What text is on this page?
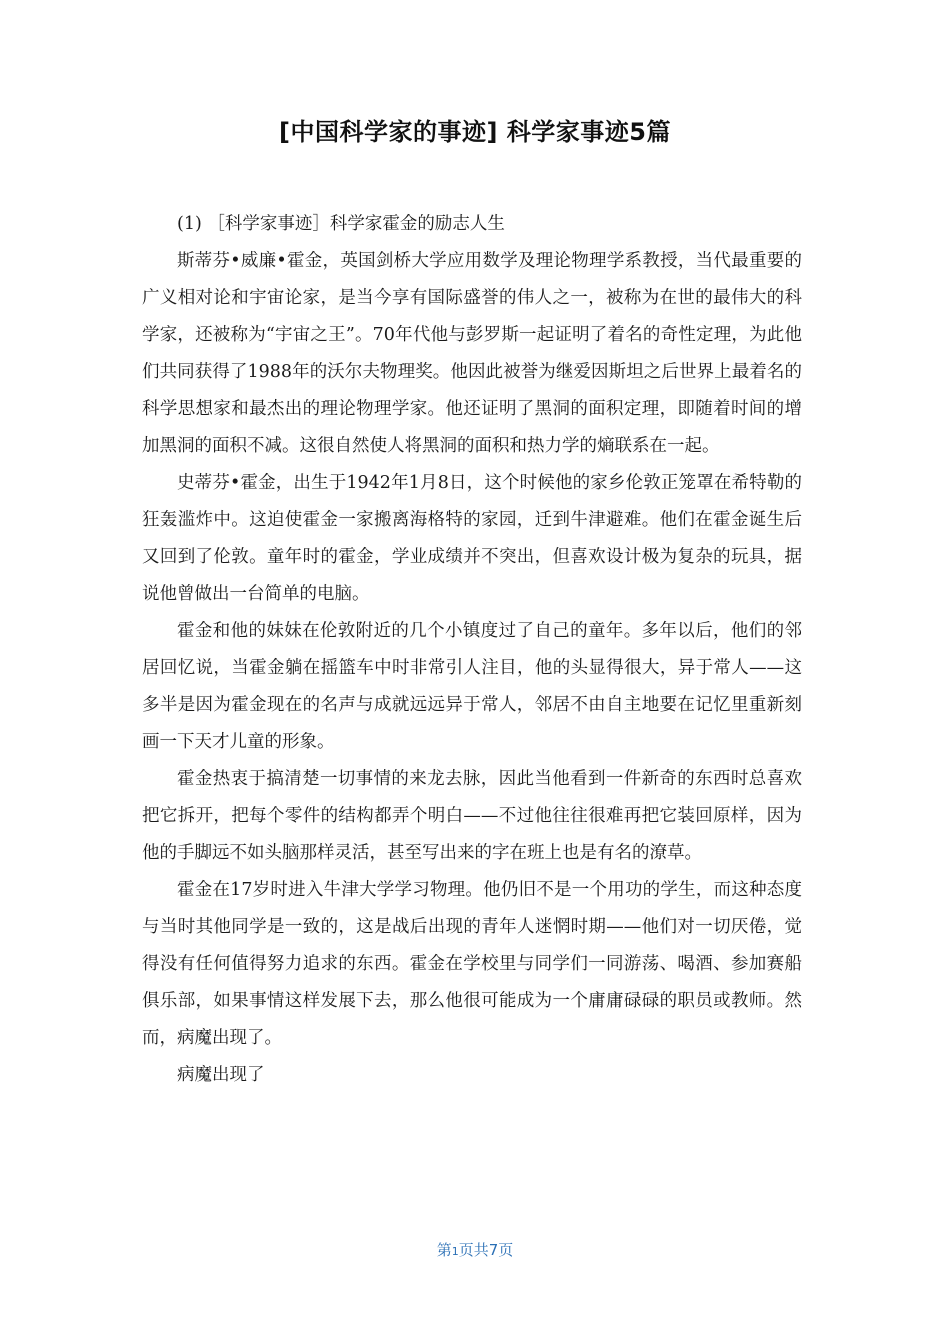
[中国科学家的事迹] 科学家事迹5篇

(1) ［科学家事迹］科学家霍金的励志人生

斯蒂芬•威廉•霍金，英国剑桥大学应用数学及理论物理学系教授，当代最重要的广义相对论和宇宙论家，是当今享有国际盛誉的伟人之一，被称为在世的最伟大的科学家，还被称为“宇宙之王”。70年代他与彭罗斯一起证明了着名的奇性定理，为此他们共同获得了1988年的沃尔夫物理奖。他因此被誉为继爱因斯坦之后世界上最着名的科学思想家和最杰出的理论物理学家。他还证明了黑洞的面积定理，即随着时间的增加黑洞的面积不减。这很自然使人将黑洞的面积和热力学的熵联系在一起。

史蒂芬•霍金，出生于1942年1月8日，这个时候他的家乡伦敦正笼罩在希特勒的狂轰滥炸中。这迫使霍金一家搬离海格特的家园，迁到牛津避难。他们在霍金诞生后又回到了伦敦。童年时的霍金，学业成绩并不突出，但喜欢设计极为复杂的玩具，据说他曾做出一台简单的电脑。

霍金和他的妹妹在伦敦附近的几个小镇度过了自己的童年。多年以后，他们的邻居回忆说，当霍金躺在摇篮车中时非常引人注目，他的头显得很大，异于常人——这多半是因为霍金现在的名声与成就远远异于常人，邻居不由自主地要在记忆里重新刻画一下天才儿童的形象。

霍金热衷于搞清楚一切事情的来龙去脉，因此当他看到一件新奇的东西时总喜欢把它拆开，把每个零件的结构都弄个明白——不过他往往很难再把它装回原样，因为他的手脚远不如头脑那样灵活，甚至写出来的字在班上也是有名的潦草。

霍金在17岁时进入牛津大学学习物理。他仍旧不是一个用功的学生，而这种态度与当时其他同学是一致的，这是战后出现的青年人迷惘时期——他们对一切厌倦，觉得没有任何值得努力追求的东西。霍金在学校里与同学们一同游荡、喝酒、参加赛船俱乐部，如果事情这样发展下去，那么他很可能成为一个庸庸碌碌的职员或教师。然而，病魔出现了。

病魔出现了

第1页共7页
